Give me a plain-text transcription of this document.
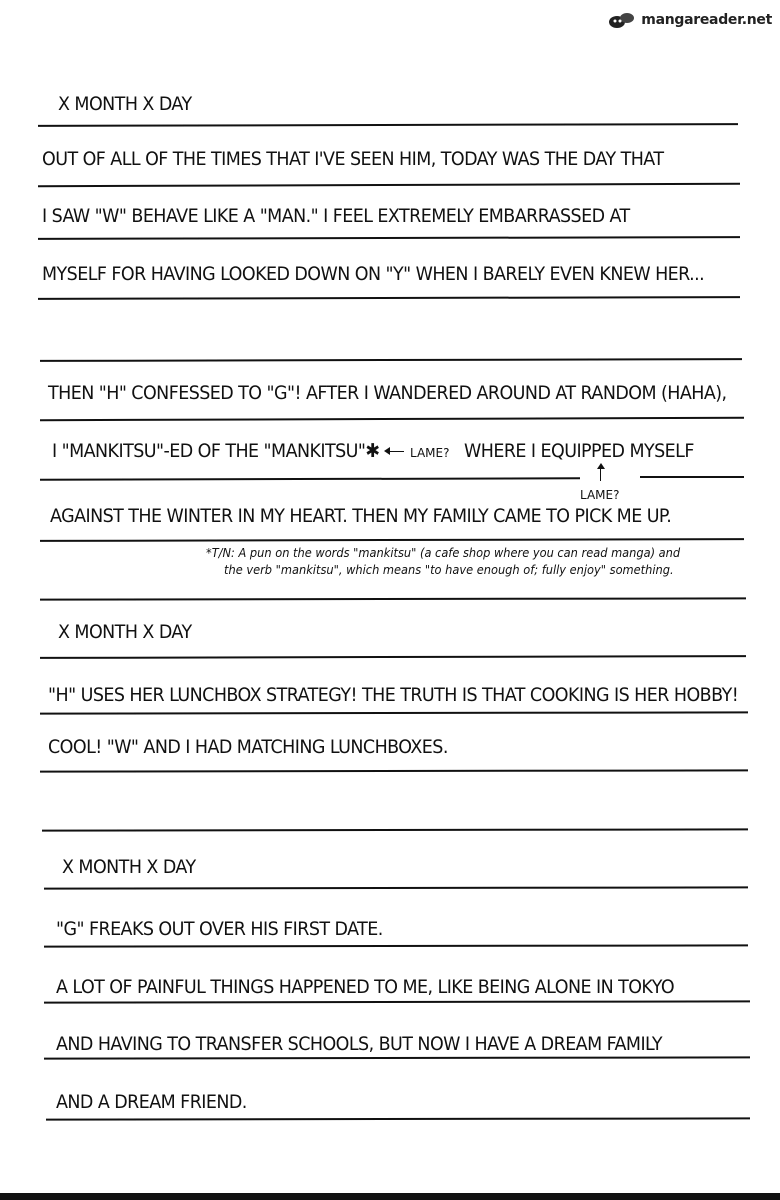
mangareader.net
X MONTH X DAY
OUT OF ALL OF THE TIMES THAT I'VE SEEN HIM, TODAY WAS THE DAY THAT
I SAW "W" BEHAVE LIKE A "MAN." I FEEL EXTREMELY EMBARRASSED AT
MYSELF FOR HAVING LOOKED DOWN ON "Y" WHEN I BARELY EVEN KNEW HER...
THEN "H" CONFESSED TO "G"! AFTER I WANDERED AROUND AT RANDOM (HAHA),
I "MANKITSU"-ED OF THE "MANKITSU"✱	LAME? WHERE I EQUIPPED MYSELF
LAME?
AGAINST THE WINTER IN MY HEART. THEN MY FAMILY CAME TO PICK ME UP.
*T/N: A pun on the words "mankitsu" (a cafe shop where you can read manga) and
the verb "mankitsu", which means "to have enough of; fully enjoy" something.
X MONTH X DAY
"H" USES HER LUNCHBOX STRATEGY! THE TRUTH IS THAT COOKING IS HER HOBBY!
COOL! "W" AND I HAD MATCHING LUNCHBOXES.
X MONTH X DAY
"G" FREAKS OUT OVER HIS FIRST DATE.
A LOT OF PAINFUL THINGS HAPPENED TO ME, LIKE BEING ALONE IN TOKYO
AND HAVING TO TRANSFER SCHOOLS, BUT NOW I HAVE A DREAM FAMILY
AND A DREAM FRIEND.
